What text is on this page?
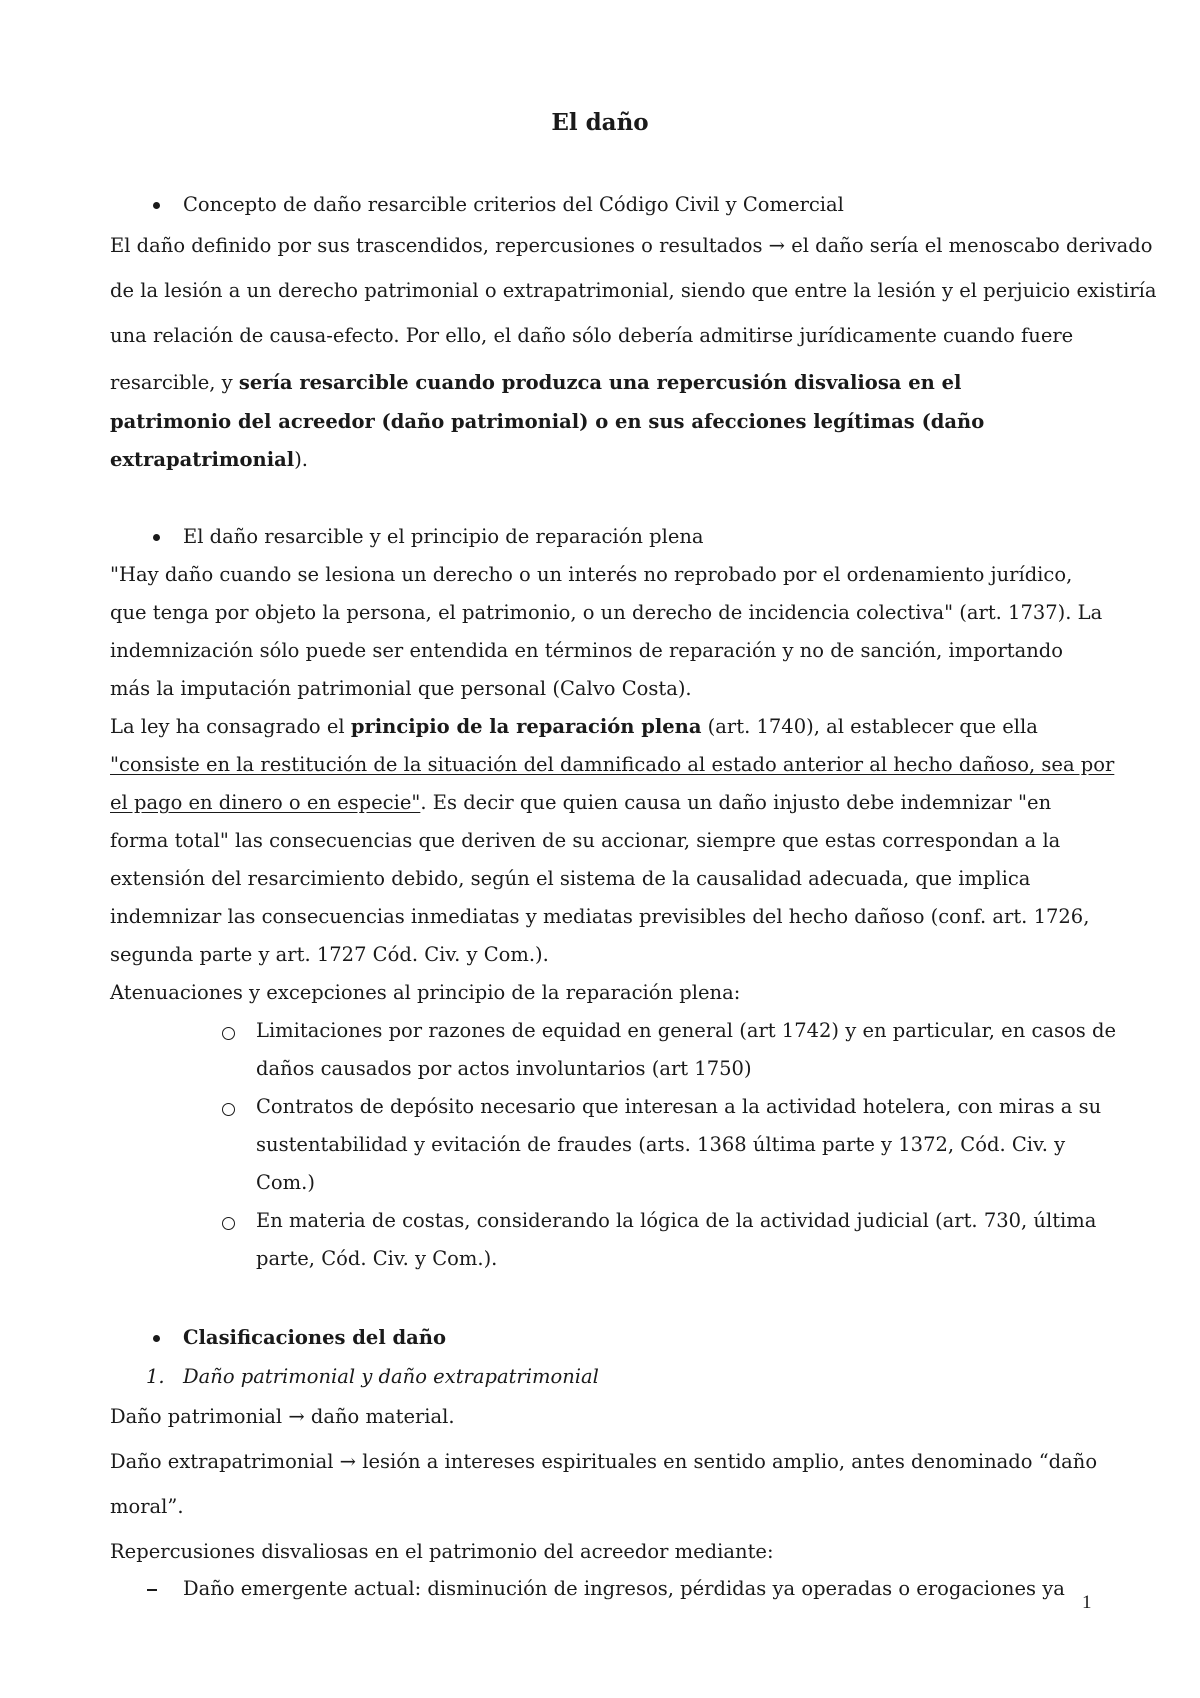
El daño
Concepto de daño resarcible criterios del Código Civil y Comercial
El daño definido por sus trascendidos, repercusiones o resultados → el daño sería el menoscabo derivado
de la lesión a un derecho patrimonial o extrapatrimonial, siendo que entre la lesión y el perjuicio existiría
una relación de causa-efecto. Por ello, el daño sólo debería admitirse jurídicamente cuando fuere
resarcible, y sería resarcible cuando produzca una repercusión disvaliosa en el
patrimonio del acreedor (daño patrimonial) o en sus afecciones legítimas (daño
extrapatrimonial).
El daño resarcible y el principio de reparación plena
"Hay daño cuando se lesiona un derecho o un interés no reprobado por el ordenamiento jurídico,
que tenga por objeto la persona, el patrimonio, o un derecho de incidencia colectiva" (art. 1737). La
indemnización sólo puede ser entendida en términos de reparación y no de sanción, importando
más la imputación patrimonial que personal (Calvo Costa).
La ley ha consagrado el principio de la reparación plena (art. 1740), al establecer que ella
"consiste en la restitución de la situación del damnificado al estado anterior al hecho dañoso, sea por
el pago en dinero o en especie". Es decir que quien causa un daño injusto debe indemnizar "en
forma total" las consecuencias que deriven de su accionar, siempre que estas correspondan a la
extensión del resarcimiento debido, según el sistema de la causalidad adecuada, que implica
indemnizar las consecuencias inmediatas y mediatas previsibles del hecho dañoso (conf. art. 1726,
segunda parte y art. 1727 Cód. Civ. y Com.).
Atenuaciones y excepciones al principio de la reparación plena:
Limitaciones por razones de equidad en general (art 1742) y en particular, en casos de
daños causados por actos involuntarios (art 1750)
Contratos de depósito necesario que interesan a la actividad hotelera, con miras a su
sustentabilidad y evitación de fraudes (arts. 1368 última parte y 1372, Cód. Civ. y
Com.)
En materia de costas, considerando la lógica de la actividad judicial (art. 730, última
parte, Cód. Civ. y Com.).
Clasificaciones del daño
1. Daño patrimonial y daño extrapatrimonial
Daño patrimonial → daño material.
Daño extrapatrimonial → lesión a intereses espirituales en sentido amplio, antes denominado “daño
moral”.
Repercusiones disvaliosas en el patrimonio del acreedor mediante:
Daño emergente actual: disminución de ingresos, pérdidas ya operadas o erogaciones ya
1
